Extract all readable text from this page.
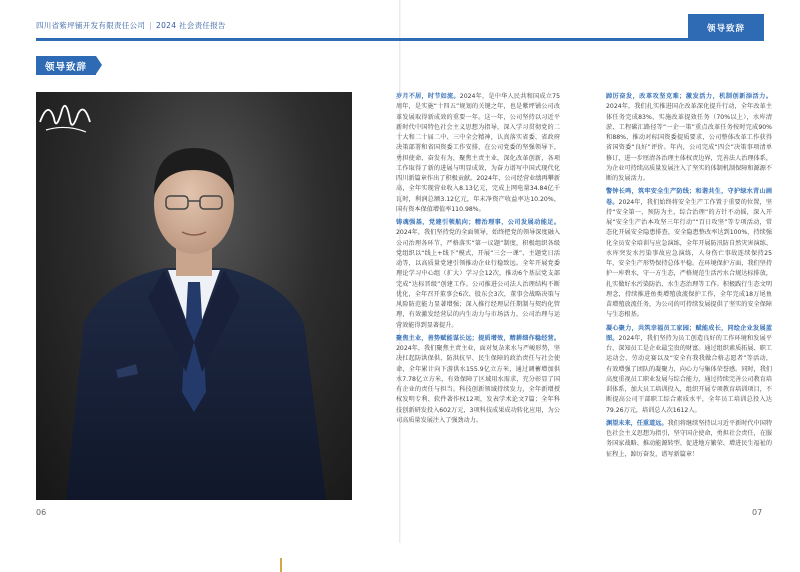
四川省紫坪铺开发有限责任公司 | 2024 社会责任报告	领导致辞
领导致辞
紫坪铺公司党委书记、董事长

岁月不居，时节如流。2024年，是中华人民共和国成立75周年，是实施“十四五”规划的关键之年，也是紫坪铺公司改革发展取得新成效的重要一年。这一年，公司坚持以习近平新时代中国特色社会主义思想为指导，深入学习贯彻党的二十大和二十届二中、三中全会精神，认真落实省委、省政府决策部署和省国资委工作安排，在公司党委的坚强领导下，勇担使命、奋发有为，聚焦主责主业，深化改革创新，各项工作取得了新的进展与明显成效，为奋力谱写中国式现代化四川新篇章作出了积极贡献。2024年，公司经营业绩再攀新高，全年实现营业收入8.13亿元，完成上网电量34.84亿千瓦时，利润总额3.12亿元，年末净资产收益率达10.20%，国有资本保值增值率110.98%。

铸魂强基，党建引领航向；精治理事，公司发展动能足。2024年，我们坚持党的全面领导，始终把党的领导深度融入公司治理各环节，严格落实“第一议题”制度，积极组织各级党组织以“线上+线下”模式，开展“三会一课”、主题党日活动等，以高质量党建引领推动企业行稳致远。全年开展党委理论学习中心组（扩大）学习会12次，推动6个基层党支部完成“达标晋级”创建工作。公司推进公司法人治理结构不断优化，全年召开董事会6次、股东会3次，董事会战略决策与风险防范能力显著增强；深入推行经理层任期制与契约化管理，有效激发经营层的内生动力与市场活力，公司治理与运营效能得到显著提升。

聚焦主业，善势赋能谋长远；提质增效，精耕细作稳经营。2024年，我们聚焦主责主业，面对复杂来水与严峻形势，坚决扛起防洪保供、防洪抗旱、民生保障的政治责任与社会使命，全年累计向下游供水155.9亿立方米，通过调蓄增加供水7.78亿立方米，有效保障了区域用水需求，充分彰显了国有企业的责任与担当。科技创新领域持续发力，全年新增授权发明专利、软件著作权12项，发表学术论文7篇；全年科技创新研发投入602万元，3项科技成果成功转化应用，为公司高质量发展注入了强劲动力。

踔厉奋发，改革攻坚克难；激发活力，机制创新添活力。2024年，我们扎实推进国企改革深化提升行动，全年改革主体任务完成83%，实施改革提效任务（70%以上），水库清淤、工程碳汇路径等“一企一策”重点改革任务按时完成90%和88%，推动对标国资委提质要求，公司整体改革工作获得省国资委“良好”评价。年内，公司完成“四会”决策事项清单修订，进一步厘清各治理主体权责边界，完善法人治理体系，为企业可持续高质量发展注入了坚实的体制机制保障和源源不断的发展活力。

警钟长鸣，筑牢安全生产防线；和谐共生，守护绿水青山画卷。2024年，我们始终将安全生产工作置于重要的位置，坚持“安全第一、预防为主、综合治理”的方针不动摇，深入开展“安全生产治本攻坚三年行动”“百日攻坚”等专项活动，常态化开展安全隐患排查，安全隐患整改率达到100%，持续强化全员安全培训与应急演练，全年开展防汛防自然灾害演练、水库突发水污染事故应急演练，人身伤亡事故连续保持25年，安全生产形势保持总体平稳。在环境保护方面，我们坚持护一库碧水，守一方生态，严格规范生活污水合规达标排放，扎实做好水污染防治、水生态治理等工作。积极践行生态文明理念，持续推进鱼类增殖放流保护工作，全年完成18万尾鱼苗增殖放流任务，为公司的可持续发展提供了坚实的安全保障与生态根基。

凝心聚力，共筑幸福员工家园；赋能成长，同绘企业发展蓝图。2024年，我们坚持为员工创造良好的工作环境和发展平台，深知员工是企业最宝贵的财富。通过组织素质拓展、职工运动会、劳动竞赛以及“安全有我我做合格志愿者”等活动，有效增强了团队的凝聚力，向心力与集体荣誉感。同时，我们高度重视员工职业发展与综合能力，通过持续完善公司教育培训体系，加大员工培训投入，组织开展专项教育培训项目，不断提高公司干部职工综合素质水平，全年员工培训总投入达79.26万元，培训总人次1612人。

渊望未来，任重道远。我们将继续坚持以习近平新时代中国特色社会主义思想为指引，坚守国企使命，勇担社会责任，在服务国家战略、推动能源转型、促进地方繁荣、增进民生福祉的征程上，踔厉奋发，谱写新篇章！

06	07
